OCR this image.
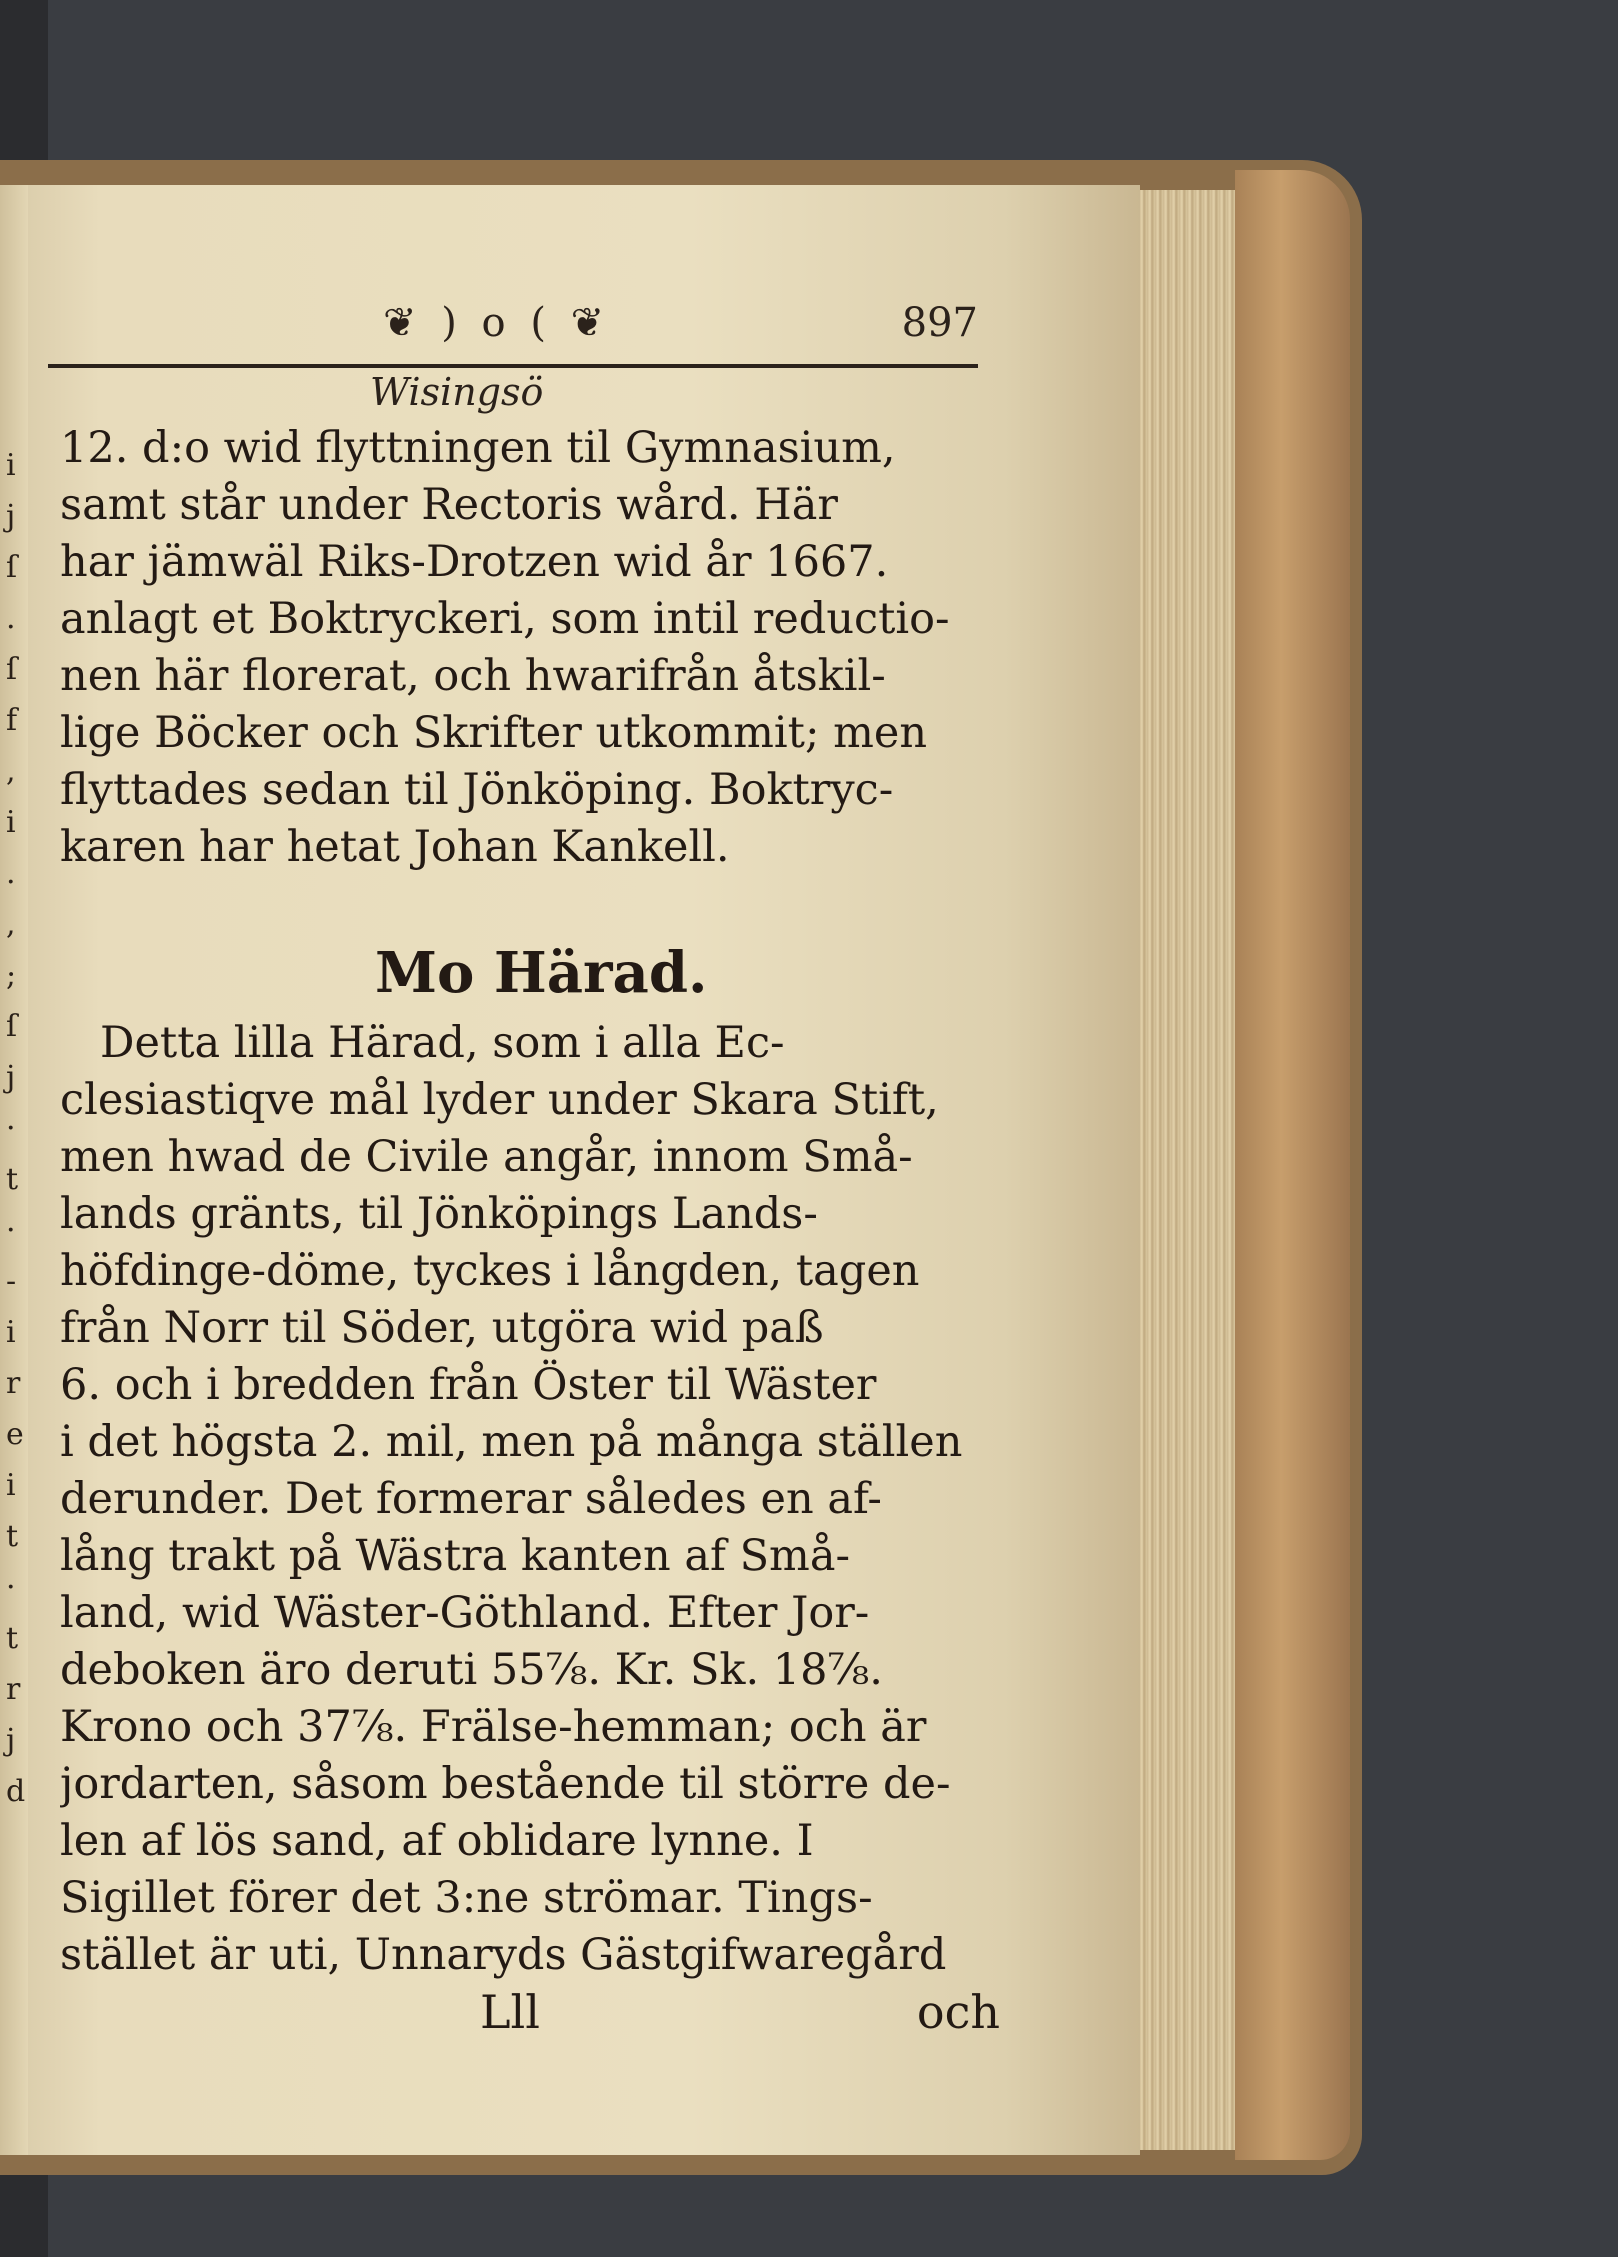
i
j
ſ
.
ſ
f
,
i
.
,
;
ſ
j
·
t
·
-
i
r
e
i
t
·
t
r
j
d
❦ ) o ( ❦	897
Wisingsö
12. d:o wid flyttningen til Gymnasium,
samt står under Rectoris wård. Här
har jämwäl Riks-Drotzen wid år 1667.
anlagt et Boktryckeri, som intil reductio-
nen här florerat, och hwarifrån åtskil-
lige Böcker och Skrifter utkommit; men
flyttades sedan til Jönköping. Boktryc-
karen har hetat Johan Kankell.
Mo Härad.
Detta lilla Härad, som i alla Ec-
clesiastiqve mål lyder under Skara Stift,
men hwad de Civile angår, innom Små-
lands gränts, til Jönköpings Lands-
höfdinge-döme, tyckes i långden, tagen
från Norr til Söder, utgöra wid paß
6. och i bredden från Öster til Wäster
i det högsta 2. mil, men på många ställen
derunder. Det formerar således en af-
lång trakt på Wästra kanten af Små-
land, wid Wäster-Göthland. Efter Jor-
deboken äro deruti 55⅞. Kr. Sk. 18⅞.
Krono och 37⅞. Frälse-hemman; och är
jordarten, såsom bestående til större de-
len af lös sand, af oblidare lynne. I
Sigillet förer det 3:ne strömar. Tings-
stället är uti, Unnaryds Gästgifwaregård
Lll	och
